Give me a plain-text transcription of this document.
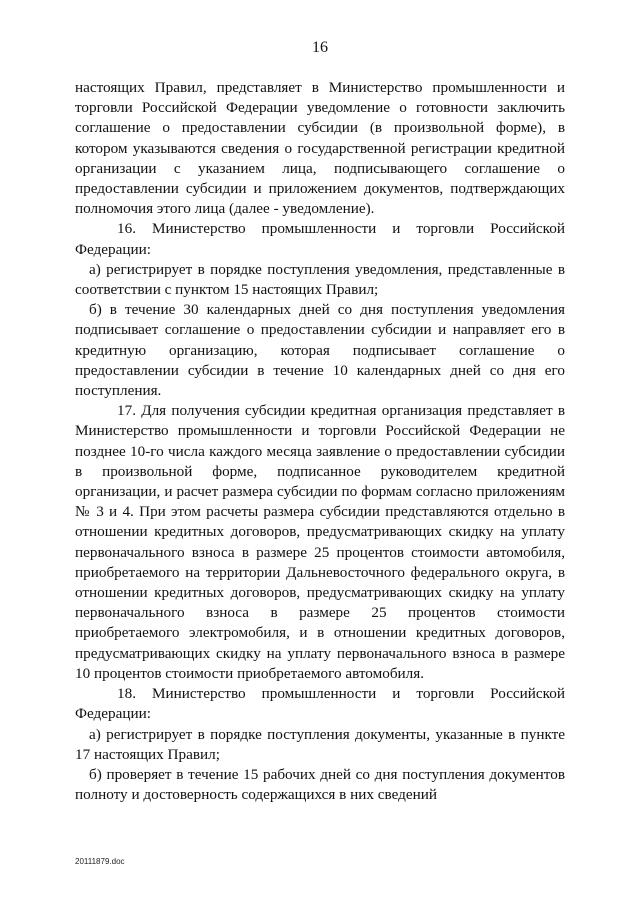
16

настоящих Правил, представляет в Министерство промышленности и торговли Российской Федерации уведомление о готовности заключить соглашение о предоставлении субсидии (в произвольной форме), в котором указываются сведения о государственной регистрации кредитной организации с указанием лица, подписывающего соглашение о предоставлении субсидии и приложением документов, подтверждающих полномочия этого лица (далее - уведомление).

16. Министерство промышленности и торговли Российской Федерации:

а) регистрирует в порядке поступления уведомления, представленные в соответствии с пунктом 15 настоящих Правил;

б) в течение 30 календарных дней со дня поступления уведомления подписывает соглашение о предоставлении субсидии и направляет его в кредитную организацию, которая подписывает соглашение о предоставлении субсидии в течение 10 календарных дней со дня его поступления.

17. Для получения субсидии кредитная организация представляет в Министерство промышленности и торговли Российской Федерации не позднее 10-го числа каждого месяца заявление о предоставлении субсидии в произвольной форме, подписанное руководителем кредитной организации, и расчет размера субсидии по формам согласно приложениям № 3 и 4. При этом расчеты размера субсидии представляются отдельно в отношении кредитных договоров, предусматривающих скидку на уплату первоначального взноса в размере 25 процентов стоимости автомобиля, приобретаемого на территории Дальневосточного федерального округа, в отношении кредитных договоров, предусматривающих скидку на уплату первоначального взноса в размере 25 процентов стоимости приобретаемого электромобиля, и в отношении кредитных договоров, предусматривающих скидку на уплату первоначального взноса в размере 10 процентов стоимости приобретаемого автомобиля.

18. Министерство промышленности и торговли Российской Федерации:

а) регистрирует в порядке поступления документы, указанные в пункте 17 настоящих Правил;

б) проверяет в течение 15 рабочих дней со дня поступления документов полноту и достоверность содержащихся в них сведений

20111879.doc
